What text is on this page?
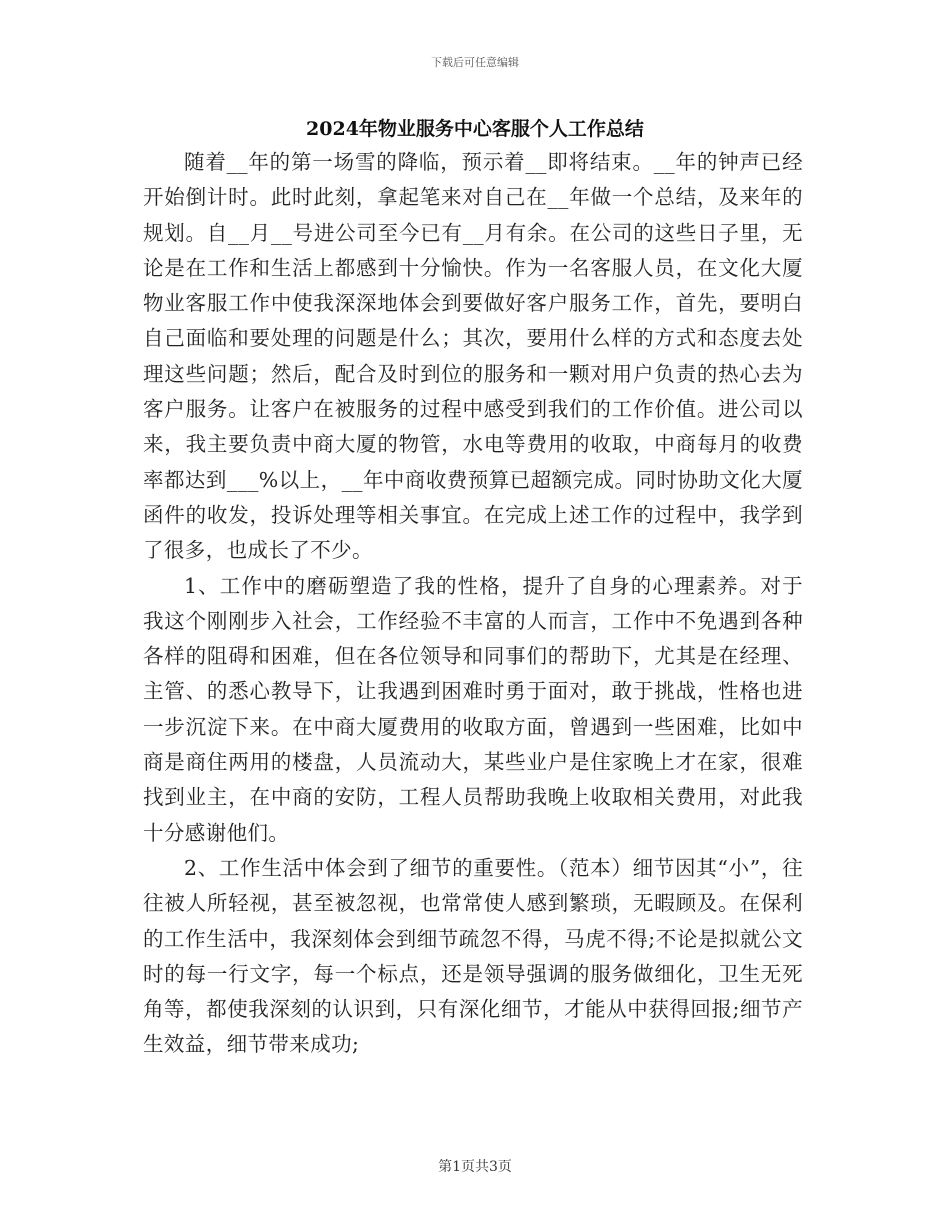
下载后可任意编辑
2024年物业服务中心客服个人工作总结

随着__年的第一场雪的降临，预示着__即将结束。__年的钟声已经开始倒计时。此时此刻，拿起笔来对自己在__年做一个总结，及来年的规划。自__月__号进公司至今已有__月有余。在公司的这些日子里，无论是在工作和生活上都感到十分愉快。作为一名客服人员，在文化大厦物业客服工作中使我深深地体会到要做好客户服务工作，首先，要明白自己面临和要处理的问题是什么；其次，要用什么样的方式和态度去处理这些问题；然后，配合及时到位的服务和一颗对用户负责的热心去为客户服务。让客户在被服务的过程中感受到我们的工作价值。进公司以来，我主要负责中商大厦的物管，水电等费用的收取，中商每月的收费率都达到___%以上，__年中商收费预算已超额完成。同时协助文化大厦函件的收发，投诉处理等相关事宜。在完成上述工作的过程中，我学到了很多，也成长了不少。

1、工作中的磨砺塑造了我的性格，提升了自身的心理素养。对于我这个刚刚步入社会，工作经验不丰富的人而言，工作中不免遇到各种各样的阻碍和困难，但在各位领导和同事们的帮助下，尤其是在经理、主管、的悉心教导下，让我遇到困难时勇于面对，敢于挑战，性格也进一步沉淀下来。在中商大厦费用的收取方面，曾遇到一些困难，比如中商是商住两用的楼盘，人员流动大，某些业户是住家晚上才在家，很难找到业主，在中商的安防，工程人员帮助我晚上收取相关费用，对此我十分感谢他们。

2、工作生活中体会到了细节的重要性。（范本）细节因其“小”，往往被人所轻视，甚至被忽视，也常常使人感到繁琐，无暇顾及。在保利的工作生活中，我深刻体会到细节疏忽不得，马虎不得;不论是拟就公文时的每一行文字，每一个标点，还是领导强调的服务做细化，卫生无死角等，都使我深刻的认识到，只有深化细节，才能从中获得回报;细节产生效益，细节带来成功;

第1页共3页
